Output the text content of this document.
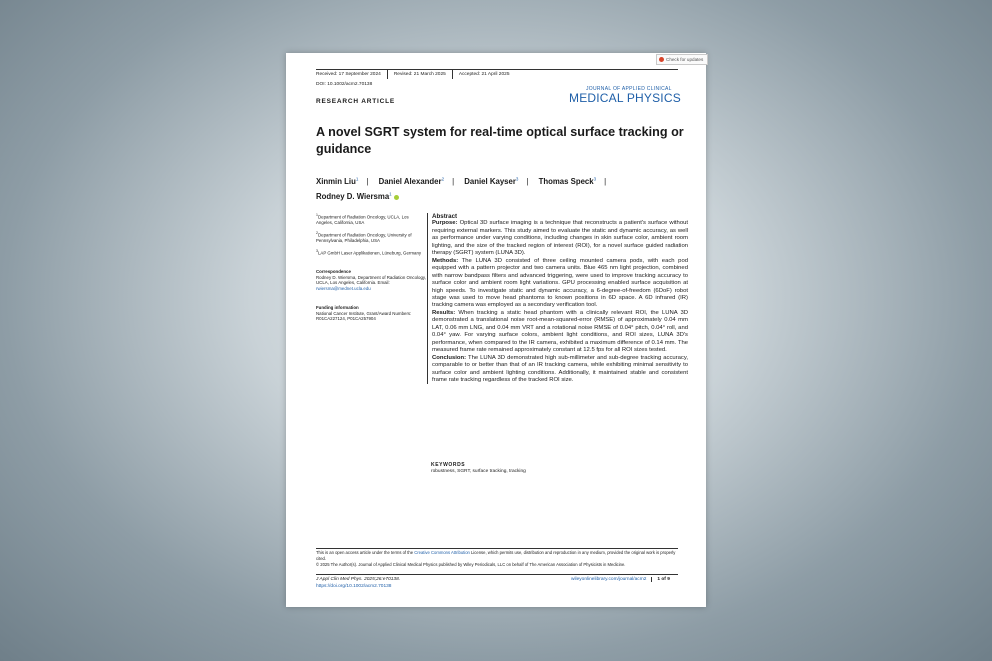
Check for updates
Received: 17 September 2024	Revised: 21 March 2025	Accepted: 21 April 2025
DOI: 10.1002/acm2.70138
JOURNAL OF APPLIED CLINICAL
MEDICAL PHYSICS
RESEARCH ARTICLE
A novel SGRT system for real-time optical surface tracking or guidance
Xinmin Liu$^1$ | Daniel Alexander$^2$ | Daniel Kayser$^3$ | Thomas Speck$^3$ |
Rodney D. Wiersma$^1$
$^1$Department of Radiation Oncology, UCLA, Los Angeles, California, USA
$^2$Department of Radiation Oncology, University of Pennsylvania, Philadelphia, USA
$^3$LAP GmbH Laser Applikationen, Lüneburg, Germany
Correspondence
Rodney D. Wiersma, Department of Radiation Oncology, UCLA, Los Angeles, California. Email: rwiersma@mednet.ucla.edu
Funding information
National Cancer Institute, Grant/Award Numbers: R01CA227124, P01CA257904
Abstract

Purpose: Optical 3D surface imaging is a technique that reconstructs a patient's surface without requiring external markers. This study aimed to evaluate the static and dynamic accuracy, as well as performance under varying conditions, including changes in skin surface color, ambient room lighting, and the size of the tracked region of interest (ROI), for a novel surface guided radiation therapy (SGRT) system (LUNA 3D).

Methods: The LUNA 3D consisted of three ceiling mounted camera pods, with each pod equipped with a pattern projector and two camera units. Blue 465 nm light projection, combined with narrow bandpass filters and advanced triggering, were used to improve tracking accuracy to surface color and ambient room light variations. GPU processing enabled surface acquisition at high speeds. To investigate static and dynamic accuracy, a 6-degree-of-freedom (6DoF) robot stage was used to move head phantoms to known positions in 6D space. A 6D infrared (IR) tracking camera was employed as a secondary verification tool.

Results: When tracking a static head phantom with a clinically relevant ROI, the LUNA 3D demonstrated a translational noise root-mean-squared-error (RMSE) of approximately 0.04 mm LAT, 0.06 mm LNG, and 0.04 mm VRT and a rotational noise RMSE of 0.04° pitch, 0.04° roll, and 0.04° yaw. For varying surface colors, ambient light conditions, and ROI sizes, LUNA 3D's performance, when compared to the IR camera, exhibited a maximum difference of 0.14 mm. The measured frame rate remained approximately constant at 12.5 fps for all ROI sizes tested.

Conclusion: The LUNA 3D demonstrated high sub-millimeter and sub-degree tracking accuracy, comparable to or better than that of an IR tracking camera, while exhibiting minimal sensitivity to surface color and ambient lighting conditions. Additionally, it maintained stable and consistent frame rate tracking regardless of the tracked ROI size.

KEYWORDS
robustness, SGRT, surface tracking, tracking
This is an open access article under the terms of the Creative Commons Attribution License, which permits use, distribution and reproduction in any medium, provided the original work is properly cited.
© 2025 The Author(s). Journal of Applied Clinical Medical Physics published by Wiley Periodicals, LLC on behalf of The American Association of Physicists in Medicine.
J Appl Clin Med Phys. 2025;26:e70138.
https://doi.org/10.1002/acm2.70138
wileyonlinelibrary.com/journal/acm2 1 of 9
